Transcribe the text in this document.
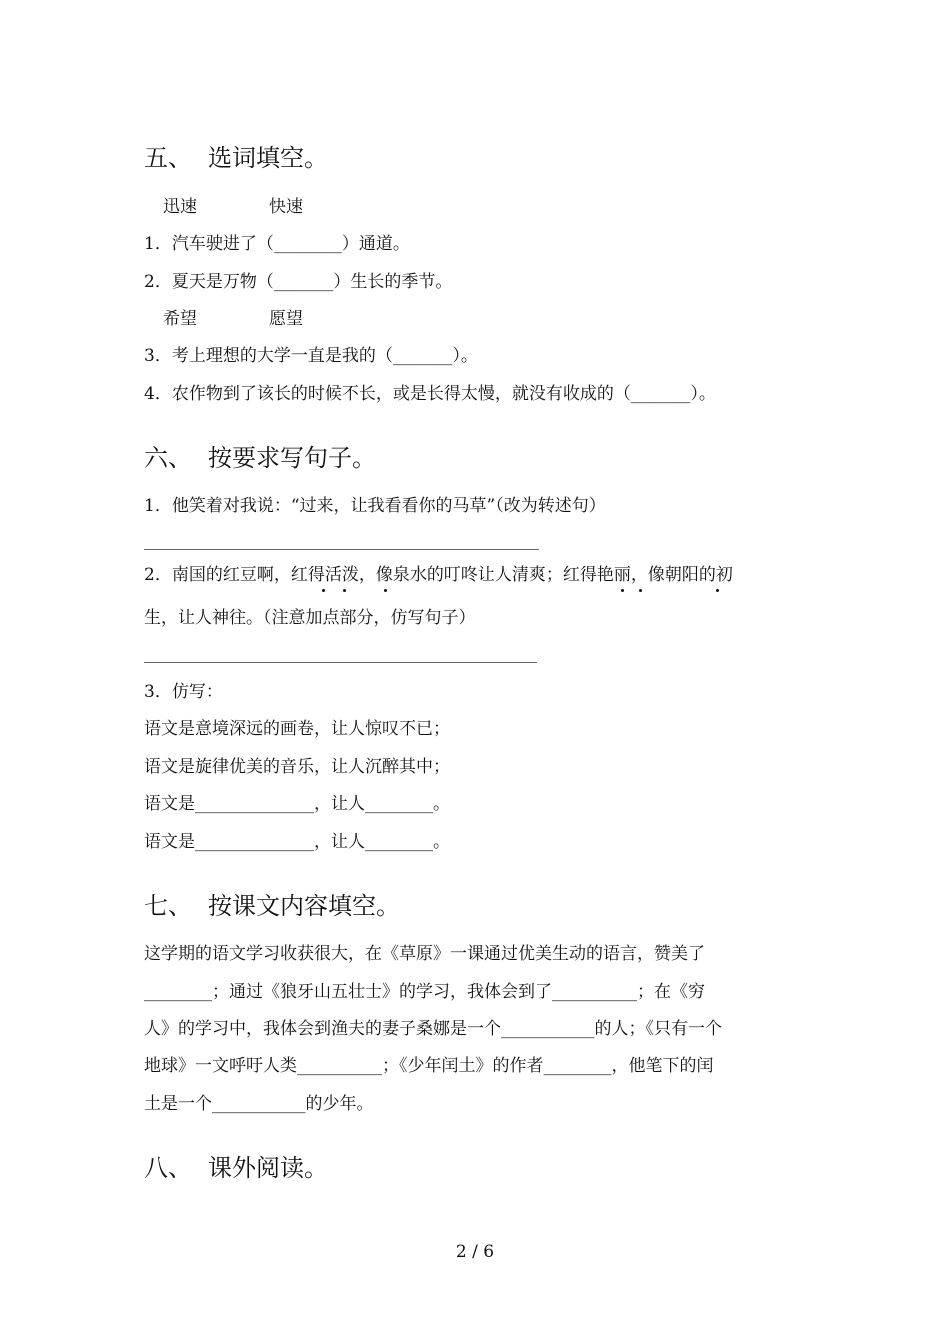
五、 选词填空。
迅速	快速
1．汽车驶进了（________）通道。
2．夏天是万物（_______）生长的季节。
希望	愿望
3．考上理想的大学一直是我的（_______）。
4．农作物到了该长的时候不长，或是长得太慢，就没有收成的（_______）。
六、 按要求写句子。
1．他笑着对我说：“过来，让我看看你的马草”（改为转述句）
2．南国的红豆啊，红得活泼，像泉水的叮咚让人清爽；红得艳丽，像朝阳的初
生，让人神往。（注意加点部分，仿写句子）
3．仿写：
语文是意境深远的画卷，让人惊叹不已；
语文是旋律优美的音乐，让人沉醉其中；
语文是______________，让人________。
语文是______________，让人________。
七、 按课文内容填空。
这学期的语文学习收获很大，在《草原》一课通过优美生动的语言，赞美了
________；通过《狼牙山五壮士》的学习，我体会到了__________；在《穷
人》的学习中，我体会到渔夫的妻子桑娜是一个___________的人；《只有一个
地球》一文呼吁人类__________；《少年闰土》的作者________，他笔下的闰
土是一个___________的少年。
八、 课外阅读。
2 / 6
